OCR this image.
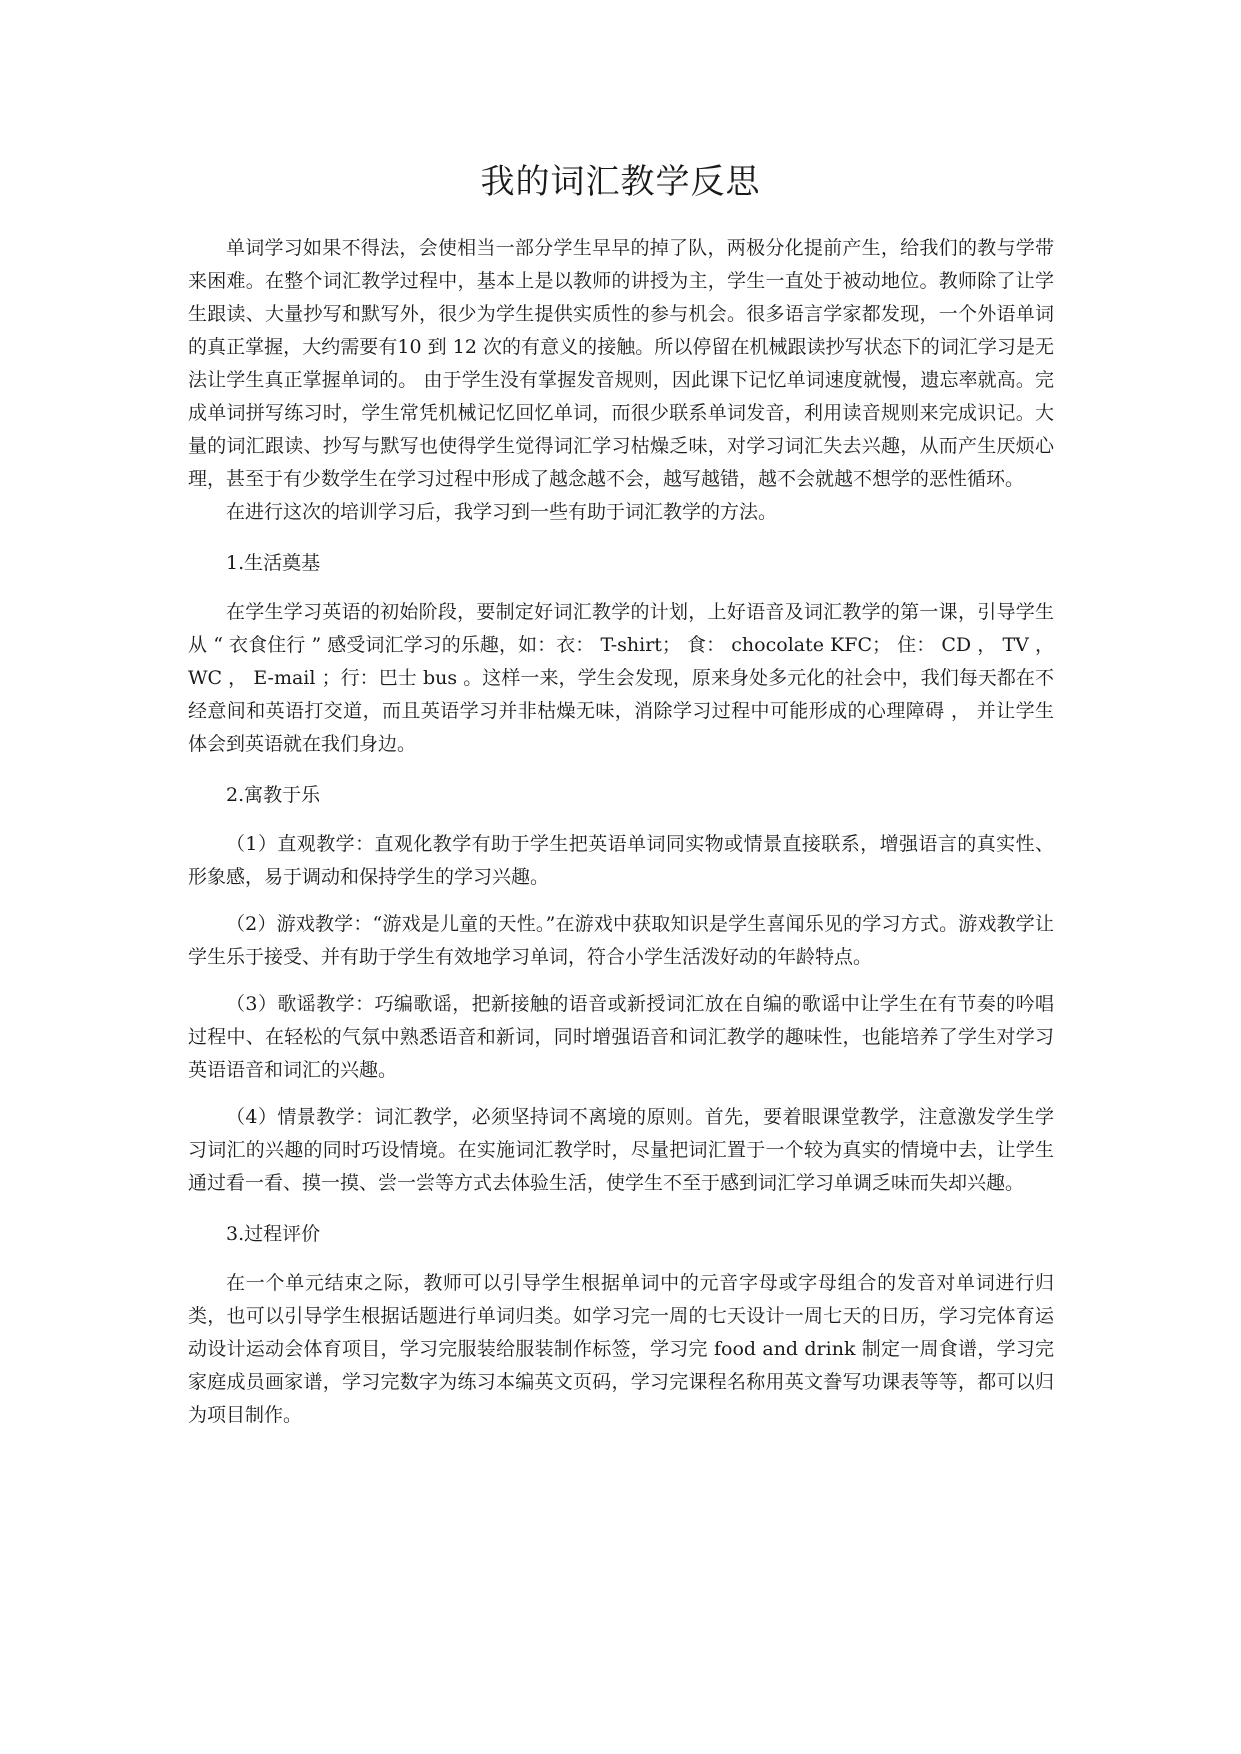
我的词汇教学反思

单词学习如果不得法，会使相当一部分学生早早的掉了队，两极分化提前产生，给我们的教与学带来困难。在整个词汇教学过程中，基本上是以教师的讲授为主，学生一直处于被动地位。教师除了让学生跟读、大量抄写和默写外，很少为学生提供实质性的参与机会。很多语言学家都发现，一个外语单词的真正掌握，大约需要有10 到 12 次的有意义的接触。所以停留在机械跟读抄写状态下的词汇学习是无法让学生真正掌握单词的。 由于学生没有掌握发音规则，因此课下记忆单词速度就慢，遗忘率就高。完成单词拼写练习时，学生常凭机械记忆回忆单词，而很少联系单词发音，利用读音规则来完成识记。大量的词汇跟读、抄写与默写也使得学生觉得词汇学习枯燥乏味，对学习词汇失去兴趣，从而产生厌烦心理，甚至于有少数学生在学习过程中形成了越念越不会，越写越错，越不会就越不想学的恶性循环。

在进行这次的培训学习后，我学习到一些有助于词汇教学的方法。

1.生活奠基

在学生学习英语的初始阶段，要制定好词汇教学的计划，上好语音及词汇教学的第一课，引导学生从 “ 衣食住行 ” 感受词汇学习的乐趣，如：衣： T-shirt； 食： chocolate KFC； 住： CD ， TV ， WC ， E-mail ；行：巴士 bus 。这样一来，学生会发现，原来身处多元化的社会中，我们每天都在不经意间和英语打交道，而且英语学习并非枯燥无味，消除学习过程中可能形成的心理障碍 ， 并让学生体会到英语就在我们身边。

2.寓教于乐

（1）直观教学：直观化教学有助于学生把英语单词同实物或情景直接联系，增强语言的真实性、形象感，易于调动和保持学生的学习兴趣。

（2）游戏教学：“游戏是儿童的天性。”在游戏中获取知识是学生喜闻乐见的学习方式。游戏教学让学生乐于接受、并有助于学生有效地学习单词，符合小学生活泼好动的年龄特点。

（3）歌谣教学：巧编歌谣，把新接触的语音或新授词汇放在自编的歌谣中让学生在有节奏的吟唱过程中、在轻松的气氛中熟悉语音和新词，同时增强语音和词汇教学的趣味性，也能培养了学生对学习英语语音和词汇的兴趣。

（4）情景教学：词汇教学，必须坚持词不离境的原则。首先，要着眼课堂教学，注意激发学生学习词汇的兴趣的同时巧设情境。在实施词汇教学时，尽量把词汇置于一个较为真实的情境中去，让学生通过看一看、摸一摸、尝一尝等方式去体验生活，使学生不至于感到词汇学习单调乏味而失却兴趣。

3.过程评价

在一个单元结束之际，教师可以引导学生根据单词中的元音字母或字母组合的发音对单词进行归类，也可以引导学生根据话题进行单词归类。如学习完一周的七天设计一周七天的日历，学习完体育运动设计运动会体育项目，学习完服装给服装制作标签，学习完 food and drink 制定一周食谱，学习完家庭成员画家谱，学习完数字为练习本编英文页码，学习完课程名称用英文誊写功课表等等，都可以归为项目制作。
